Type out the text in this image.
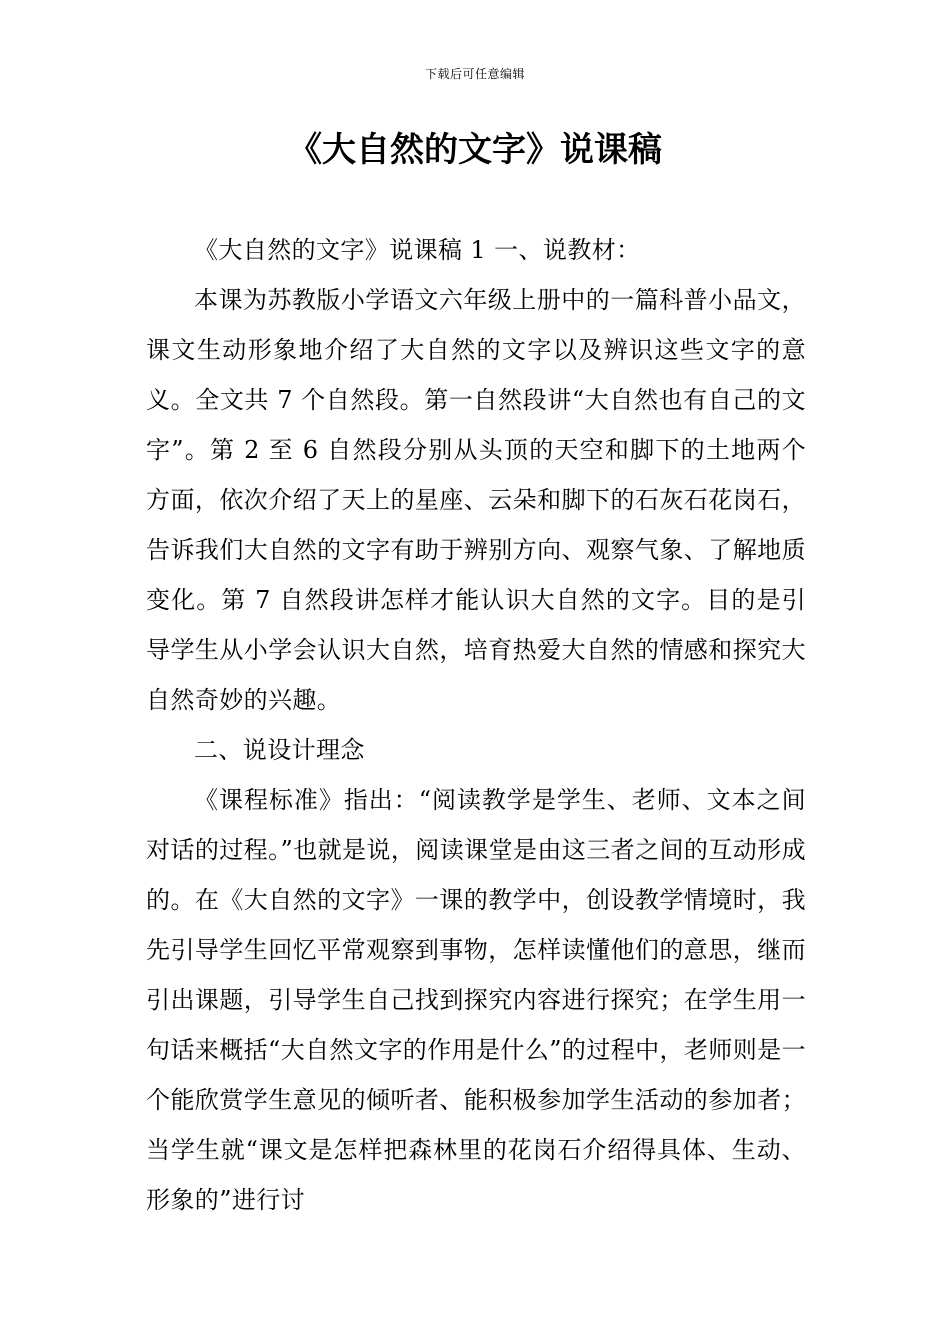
下载后可任意编辑
《大自然的文字》说课稿

《大自然的文字》说课稿 1 一、说教材：

本课为苏教版小学语文六年级上册中的一篇科普小品文，课文生动形象地介绍了大自然的文字以及辨识这些文字的意义。全文共 7 个自然段。第一自然段讲“大自然也有自己的文字”。第 2 至 6 自然段分别从头顶的天空和脚下的土地两个方面，依次介绍了天上的星座、云朵和脚下的石灰石花岗石，告诉我们大自然的文字有助于辨别方向、观察气象、了解地质变化。第 7 自然段讲怎样才能认识大自然的文字。目的是引导学生从小学会认识大自然，培育热爱大自然的情感和探究大自然奇妙的兴趣。

二、说设计理念

《课程标准》指出：“阅读教学是学生、老师、文本之间对话的过程。”也就是说，阅读课堂是由这三者之间的互动形成的。在《大自然的文字》一课的教学中，创设教学情境时，我先引导学生回忆平常观察到事物，怎样读懂他们的意思，继而引出课题，引导学生自己找到探究内容进行探究；在学生用一句话来概括“大自然文字的作用是什么”的过程中，老师则是一个能欣赏学生意见的倾听者、能积极参加学生活动的参加者；当学生就“课文是怎样把森林里的花岗石介绍得具体、生动、形象的”进行讨
